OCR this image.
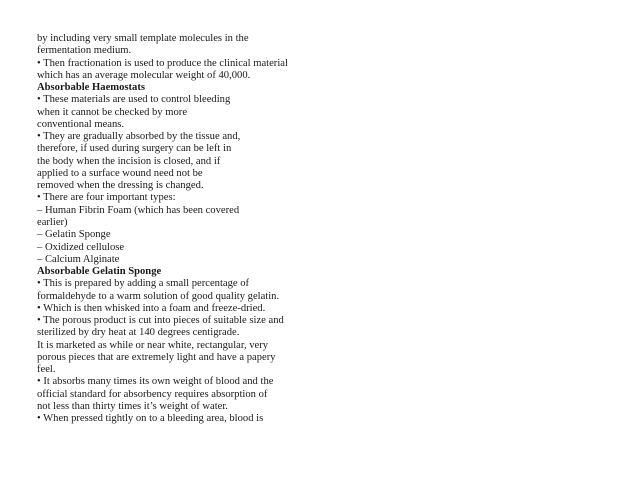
by including very small template molecules in the
fermentation medium.
• Then fractionation is used to produce the clinical material
which has an average molecular weight of 40,000.
Absorbable Haemostats
• These materials are used to control bleeding
when it cannot be checked by more
conventional means.
• They are gradually absorbed by the tissue and,
therefore, if used during surgery can be left in
the body when the incision is closed, and if
applied to a surface wound need not be
removed when the dressing is changed.
• There are four important types:
– Human Fibrin Foam (which has been covered
earlier)
– Gelatin Sponge
– Oxidized cellulose
– Calcium Alginate
Absorbable Gelatin Sponge
• This is prepared by adding a small percentage of
formaldehyde to a warm solution of good quality gelatin.
• Which is then whisked into a foam and freeze-dried.
• The porous product is cut into pieces of suitable size and
sterilized by dry heat at 140 degrees centigrade.
It is marketed as while or near white, rectangular, very
porous pieces that are extremely light and have a papery
feel.
• It absorbs many times its own weight of blood and the
official standard for absorbency requires absorption of
not less than thirty times it’s weight of water.
• When pressed tightly on to a bleeding area, blood is
